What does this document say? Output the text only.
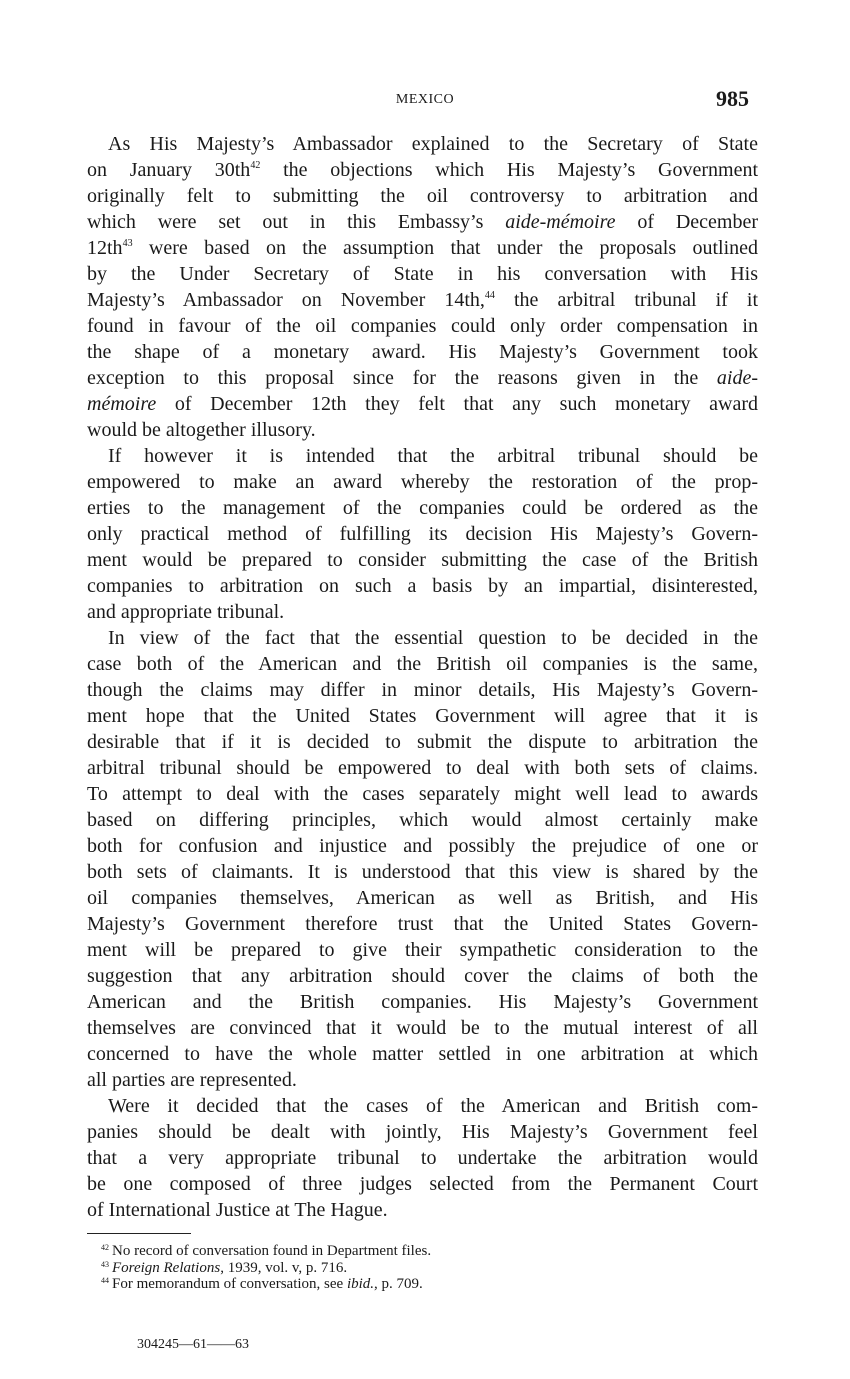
MEXICO	985
As His Majesty’s Ambassador explained to the Secretary of State
on January $30th^{42}$ the objections which His Majesty’s Government
originally felt to submitting the oil controversy to arbitration and
which were set out in this Embassy’s aide-mémoire of December
$12th^{43}$ were based on the assumption that under the proposals outlined
by the Under Secretary of State in his conversation with His
Majesty’s Ambassador on November 14th,$^{44}$ the arbitral tribunal if it
found in favour of the oil companies could only order compensation in
the shape of a monetary award. His Majesty’s Government took
exception to this proposal since for the reasons given in the aide-
mémoire of December 12th they felt that any such monetary award
would be altogether illusory.
If however it is intended that the arbitral tribunal should be
empowered to make an award whereby the restoration of the prop-
erties to the management of the companies could be ordered as the
only practical method of fulfilling its decision His Majesty’s Govern-
ment would be prepared to consider submitting the case of the British
companies to arbitration on such a basis by an impartial, disinterested,
and appropriate tribunal.
In view of the fact that the essential question to be decided in the
case both of the American and the British oil companies is the same,
though the claims may differ in minor details, His Majesty’s Govern-
ment hope that the United States Government will agree that it is
desirable that if it is decided to submit the dispute to arbitration the
arbitral tribunal should be empowered to deal with both sets of claims.
To attempt to deal with the cases separately might well lead to awards
based on differing principles, which would almost certainly make
both for confusion and injustice and possibly the prejudice of one or
both sets of claimants. It is understood that this view is shared by the
oil companies themselves, American as well as British, and His
Majesty’s Government therefore trust that the United States Govern-
ment will be prepared to give their sympathetic consideration to the
suggestion that any arbitration should cover the claims of both the
American and the British companies. His Majesty’s Government
themselves are convinced that it would be to the mutual interest of all
concerned to have the whole matter settled in one arbitration at which
all parties are represented.
Were it decided that the cases of the American and British com-
panies should be dealt with jointly, His Majesty’s Government feel
that a very appropriate tribunal to undertake the arbitration would
be one composed of three judges selected from the Permanent Court
of International Justice at The Hague.
$^{42}$ No record of conversation found in Department files.
$^{43}$ Foreign Relations, 1939, vol. v, p. 716.
$^{44}$ For memorandum of conversation, see ibid., p. 709.
304245—61——63
